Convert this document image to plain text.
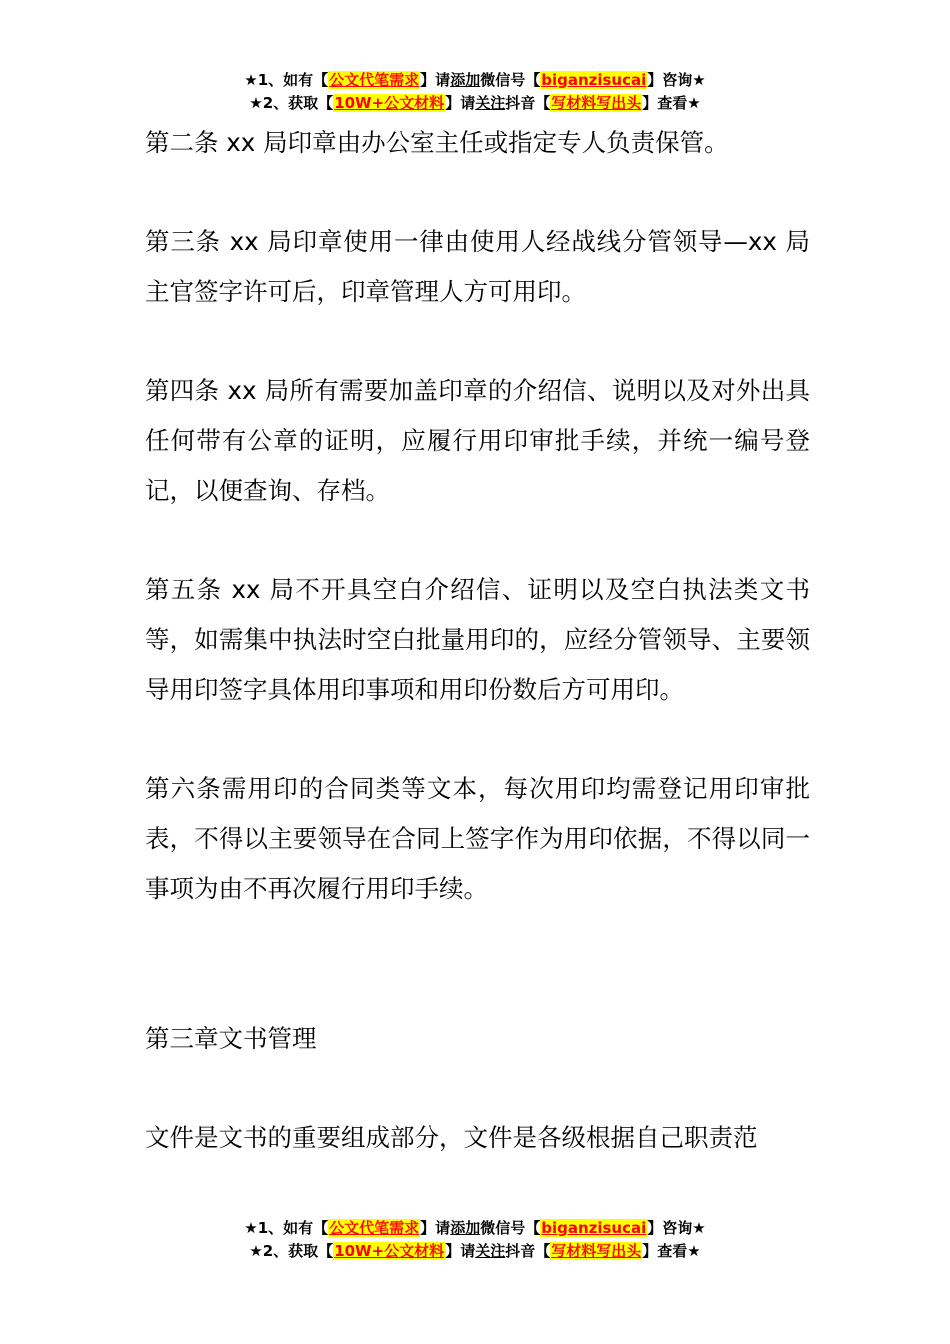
★1、如有【公文代笔需求】请添加微信号【biganzisucai】咨询★
★2、获取【10W+公文材料】请关注抖音【写材料写出头】查看★

第二条 xx 局印章由办公室主任或指定专人负责保管。

第三条 xx 局印章使用一律由使用人经战线分管领导—xx 局主官签字许可后，印章管理人方可用印。

第四条 xx 局所有需要加盖印章的介绍信、说明以及对外出具任何带有公章的证明，应履行用印审批手续，并统一编号登记，以便查询、存档。

第五条 xx 局不开具空白介绍信、证明以及空白执法类文书等，如需集中执法时空白批量用印的，应经分管领导、主要领导用印签字具体用印事项和用印份数后方可用印。

第六条需用印的合同类等文本，每次用印均需登记用印审批表，不得以主要领导在合同上签字作为用印依据，不得以同一事项为由不再次履行用印手续。

第三章文书管理

文件是文书的重要组成部分，文件是各级根据自己职责范

★1、如有【公文代笔需求】请添加微信号【biganzisucai】咨询★
★2、获取【10W+公文材料】请关注抖音【写材料写出头】查看★
